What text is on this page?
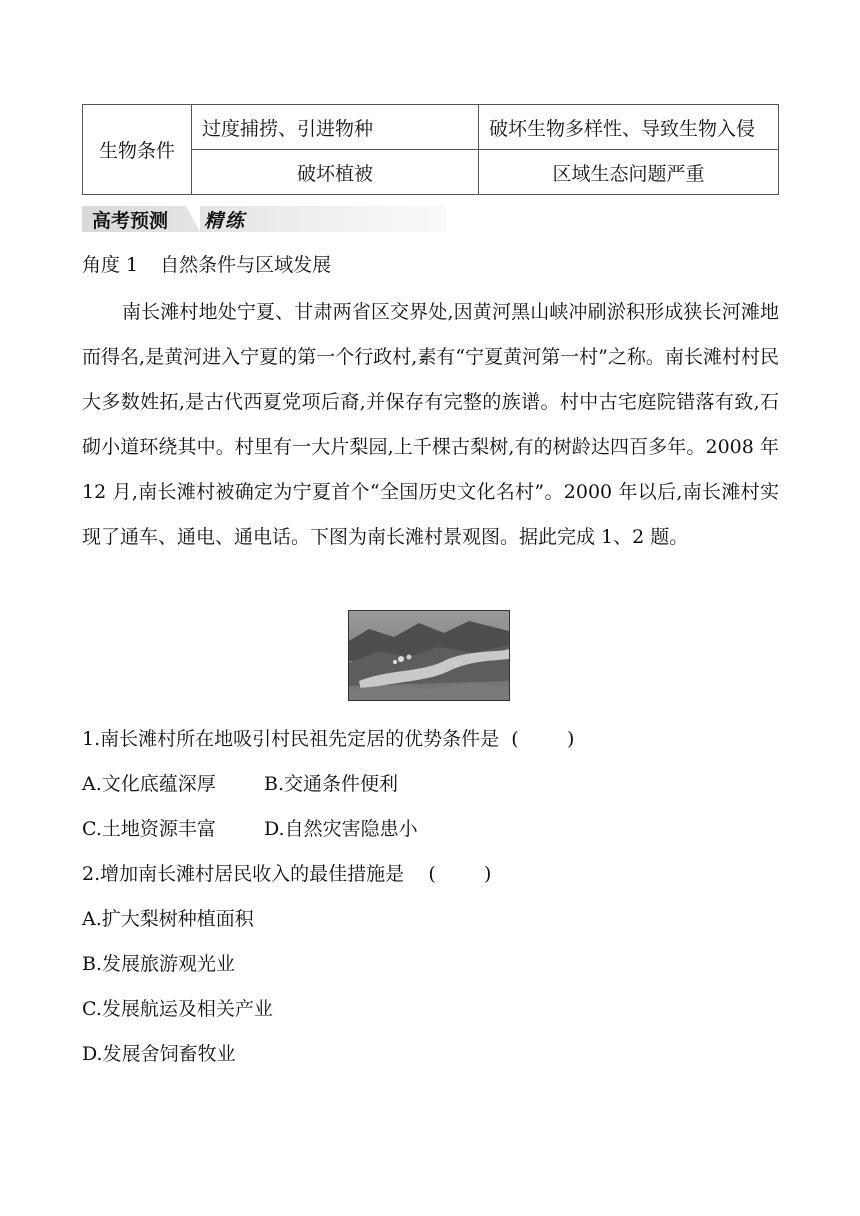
生物条件	过度捕捞、引进物种	破坏生物多样性、导致生物入侵
	破坏植被	区域生态问题严重
高考预测 精练
角度 1 自然条件与区域发展

南长滩村地处宁夏、甘肃两省区交界处,因黄河黑山峡冲刷淤积形成狭长河滩地而得名,是黄河进入宁夏的第一个行政村,素有“宁夏黄河第一村”之称。南长滩村村民大多数姓拓,是古代西夏党项后裔,并保存有完整的族谱。村中古宅庭院错落有致,石砌小道环绕其中。村里有一大片梨园,上千棵古梨树,有的树龄达四百多年。2008 年 12 月,南长滩村被确定为宁夏首个“全国历史文化名村”。2000 年以后,南长滩村实现了通车、通电、通电话。下图为南长滩村景观图。据此完成 1、2 题。

1.南长滩村所在地吸引村民祖先定居的优势条件是 (        )
A.文化底蕴深厚	B.交通条件便利
C.土地资源丰富	D.自然灾害隐患小
2.增加南长滩村居民收入的最佳措施是 (        )
A.扩大梨树种植面积
B.发展旅游观光业
C.发展航运及相关产业
D.发展舍饲畜牧业
